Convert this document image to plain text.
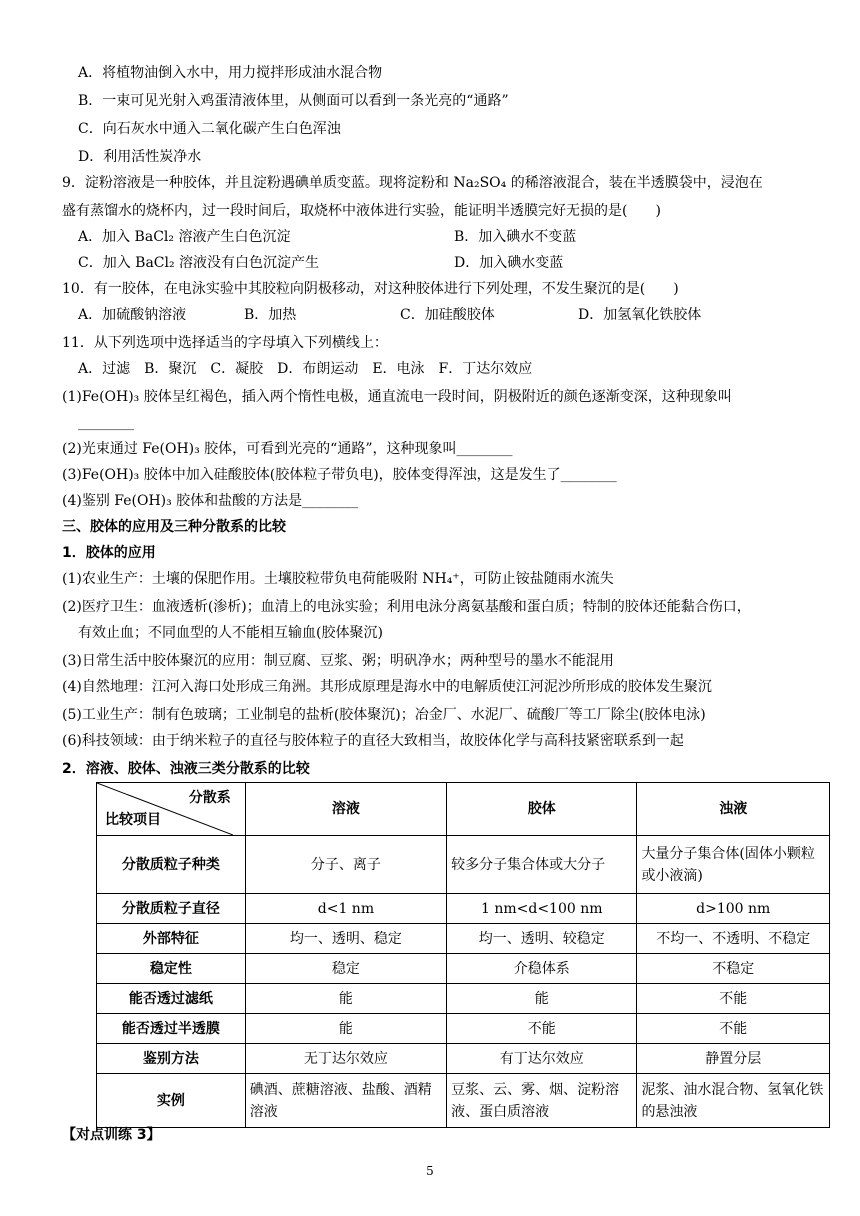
A．将植物油倒入水中，用力搅拌形成油水混合物
B．一束可见光射入鸡蛋清液体里，从侧面可以看到一条光亮的“通路”
C．向石灰水中通入二氧化碳产生白色浑浊
D．利用活性炭净水
9．淀粉溶液是一种胶体，并且淀粉遇碘单质变蓝。现将淀粉和 Na₂SO₄ 的稀溶液混合，装在半透膜袋中，浸泡在
盛有蒸馏水的烧杯内，过一段时间后，取烧杯中液体进行实验，能证明半透膜完好无损的是(　　)
A．加入 BaCl₂ 溶液产生白色沉淀	B．加入碘水不变蓝
C．加入 BaCl₂ 溶液没有白色沉淀产生	D．加入碘水变蓝
10．有一胶体，在电泳实验中其胶粒向阴极移动，对这种胶体进行下列处理，不发生聚沉的是(　　)
A．加硫酸钠溶液	B．加热	C．加硅酸胶体	D．加氢氧化铁胶体
11．从下列选项中选择适当的字母填入下列横线上：
A．过滤　B．聚沉　C．凝胶　D．布朗运动　E．电泳　F．丁达尔效应
(1)Fe(OH)₃ 胶体呈红褐色，插入两个惰性电极，通直流电一段时间，阴极附近的颜色逐渐变深，这种现象叫
________
(2)光束通过 Fe(OH)₃ 胶体，可看到光亮的“通路”，这种现象叫________
(3)Fe(OH)₃ 胶体中加入硅酸胶体(胶体粒子带负电)，胶体变得浑浊，这是发生了________
(4)鉴别 Fe(OH)₃ 胶体和盐酸的方法是________
三、胶体的应用及三种分散系的比较
1．胶体的应用
(1)农业生产：土壤的保肥作用。土壤胶粒带负电荷能吸附 NH₄⁺，可防止铵盐随雨水流失
(2)医疗卫生：血液透析(渗析)；血清上的电泳实验；利用电泳分离氨基酸和蛋白质；特制的胶体还能黏合伤口，
有效止血；不同血型的人不能相互输血(胶体聚沉)
(3)日常生活中胶体聚沉的应用：制豆腐、豆浆、粥；明矾净水；两种型号的墨水不能混用
(4)自然地理：江河入海口处形成三角洲。其形成原理是海水中的电解质使江河泥沙所形成的胶体发生聚沉
(5)工业生产：制有色玻璃；工业制皂的盐析(胶体聚沉)；冶金厂、水泥厂、硫酸厂等工厂除尘(胶体电泳)
(6)科技领域：由于纳米粒子的直径与胶体粒子的直径大致相当，故胶体化学与高科技紧密联系到一起
2．溶液、胶体、浊液三类分散系的比较
分散系
比较项目	溶液	胶体	浊液
分散质粒子种类	分子、离子	较多分子集合体或大分子	大量分子集合体(固体小颗粒或小液滴)
分散质粒子直径	d<1 nm	1 nm<d<100 nm	d>100 nm
外部特征	均一、透明、稳定	均一、透明、较稳定	不均一、不透明、不稳定
稳定性	稳定	介稳体系	不稳定
能否透过滤纸	能	能	不能
能否透过半透膜	能	不能	不能
鉴别方法	无丁达尔效应	有丁达尔效应	静置分层
实例	碘酒、蔗糖溶液、盐酸、酒精溶液	豆浆、云、雾、烟、淀粉溶液、蛋白质溶液	泥浆、油水混合物、氢氧化铁的悬浊液
【对点训练 3】
5
